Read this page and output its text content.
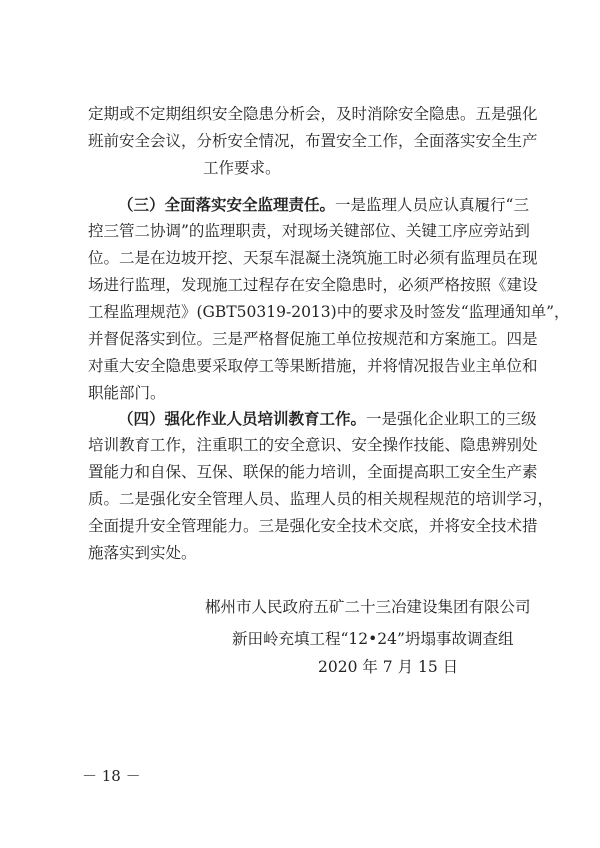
定期或不定期组织安全隐患分析会，及时消除安全隐患。五是强化
班前安全会议，分析安全情况，布置安全工作，全面落实安全生产
工作要求。
（三）全面落实安全监理责任。一是监理人员应认真履行“三
控三管二协调”的监理职责，对现场关键部位、关键工序应旁站到
位。二是在边坡开挖、天泵车混凝土浇筑施工时必须有监理员在现
场进行监理，发现施工过程存在安全隐患时，必须严格按照《建设
工程监理规范》(GBT50319-2013)中的要求及时签发“监理通知单”，
并督促落实到位。三是严格督促施工单位按规范和方案施工。四是
对重大安全隐患要采取停工等果断措施，并将情况报告业主单位和
职能部门。
（四）强化作业人员培训教育工作。一是强化企业职工的三级
培训教育工作，注重职工的安全意识、安全操作技能、隐患辨别处
置能力和自保、互保、联保的能力培训，全面提高职工安全生产素
质。二是强化安全管理人员、监理人员的相关规程规范的培训学习，
全面提升安全管理能力。三是强化安全技术交底，并将安全技术措
施落实到实处。
郴州市人民政府五矿二十三冶建设集团有限公司
新田岭充填工程“12•24”坍塌事故调查组
2020 年 7 月 15 日
－ 18 －
